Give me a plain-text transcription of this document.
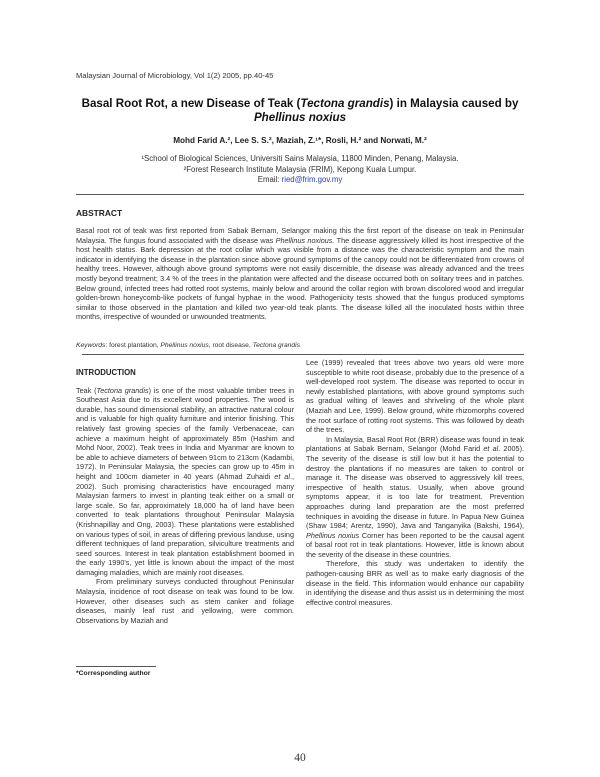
Malaysian Journal of Microbiology, Vol 1(2) 2005, pp.40-45
Basal Root Rot, a new Disease of Teak (Tectona grandis) in Malaysia caused by
Phellinus noxius
Mohd Farid A.², Lee S. S.², Maziah, Z.¹*, Rosli, H.² and Norwati, M.²
¹School of Biological Sciences, Universiti Sains Malaysia, 11800 Minden, Penang, Malaysia.
²Forest Research Institute Malaysia (FRIM), Kepong Kuala Lumpur.
Email: ried@frim.gov.my
ABSTRACT
Basal root rot of teak was first reported from Sabak Bernam, Selangor making this the first report of the disease on teak in Peninsular Malaysia. The fungus found associated with the disease was Phellinus noxious. The disease aggressively killed its host irrespective of the host health status. Bark depression at the root collar which was visible from a distance was the characteristic symptom and the main indicator in identifying the disease in the plantation since above ground symptoms of the canopy could not be differentiated from crowns of healthy trees. However, although above ground symptoms were not easily discernible, the disease was already advanced and the trees mostly beyond treatment; 3.4 % of the trees in the plantation were affected and the disease occurred both on solitary trees and in patches. Below ground, infected trees had rotted root systems, mainly below and around the collar region with brown discolored wood and irregular golden-brown honeycomb-like pockets of fungal hyphae in the wood. Pathogenicity tests showed that the fungus produced symptoms similar to those observed in the plantation and killed two year-old teak plants. The disease killed all the inoculated hosts within three months, irrespective of wounded or unwounded treatments.
Keywords: forest plantation, Phellinus noxius, root disease, Tectona grandis

INTRODUCTION

Teak (Tectona grandis) is one of the most valuable timber trees in Southeast Asia due to its excellent wood properties. The wood is durable, has sound dimensional stability, an attractive natural colour and is valuable for high quality furniture and interior finishing. This relatively fast growing species of the family Verbenaceae, can achieve a maximum height of approximately 85m (Hashim and Mohd Noor, 2002). Teak trees in India and Myanmar are known to be able to achieve diameters of between 91cm to 213cm (Kadambi, 1972). In Peninsular Malaysia, the species can grow up to 45m in height and 100cm diameter in 40 years (Ahmad Zuhaidi et al., 2002). Such promising characteristics have encouraged many Malaysian farmers to invest in planting teak either on a small or large scale. So far, approximately 18,000 ha of land have been converted to teak plantations throughout Peninsular Malaysia (Krishnapillay and Ong, 2003). These plantations were established on various types of soil, in areas of differing previous landuse, using different techniques of land preparation, silviculture treatments and seed sources. Interest in teak plantation establishment boomed in the early 1990's, yet little is known about the impact of the most damaging maladies, which are mainly root diseases.

From preliminary surveys conducted throughout Peninsular Malaysia, incidence of root disease on teak was found to be low. However, other diseases such as stem canker and foliage diseases, mainly leaf rust and yellowing, were common. Observations by Maziah and

Lee (1999) revealed that trees above two years old were more susceptible to white root disease, probably due to the presence of a well-developed root system. The disease was reported to occur in newly established plantations, with above ground symptoms such as gradual wilting of leaves and shriveling of the whole plant (Maziah and Lee, 1999). Below ground, white rhizomorphs covered the root surface of rotting root systems. This was followed by death of the trees.

In Malaysia, Basal Root Rot (BRR) disease was found in teak plantations at Sabak Bernam, Selangor (Mohd Farid et al. 2005). The severity of the disease is still low but it has the potential to destroy the plantations if no measures are taken to control or manage it. The disease was observed to aggressively kill trees, irrespective of health status. Usually, when above ground symptoms appear, it is too late for treatment. Prevention approaches during land preparation are the most preferred techniques in avoiding the disease in future. In Papua New Guinea (Shaw 1984; Arentz, 1990), Java and Tanganyika (Bakshi, 1964), Phellinus noxius Corner has been reported to be the causal agent of basal root rot in teak plantations. However, little is known about the severity of the disease in these countries.

Therefore, this study was undertaken to identify the pathogen-causing BRR as well as to make early diagnosis of the disease in the field. This information would enhance our capability in identifying the disease and thus assist us in determining the most effective control measures.

*Corresponding author
40
